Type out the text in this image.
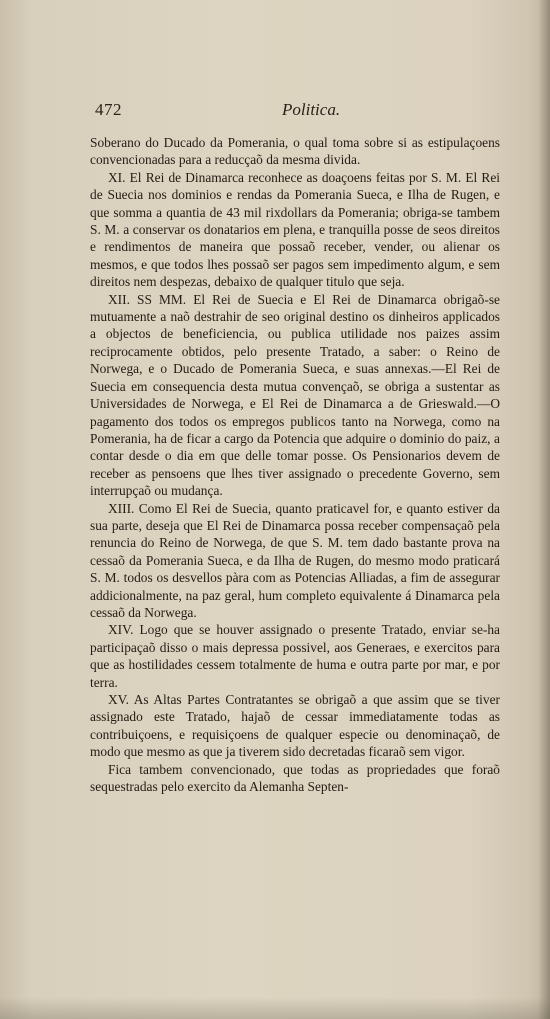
472	Politica.

Soberano do Ducado da Pomerania, o qual toma sobre si as estipulaçoens convencionadas para a reducçaõ da mesma divida.

XI. El Rei de Dinamarca reconhece as doaçoens feitas por S. M. El Rei de Suecia nos dominios e rendas da Pomerania Sueca, e Ilha de Rugen, e que somma a quantia de 43 mil rixdollars da Pomerania; obriga-se tambem S. M. a conservar os donatarios em plena, e tranquilla posse de seos direitos e rendimentos de maneira que possaõ receber, vender, ou alienar os mesmos, e que todos lhes possaõ ser pagos sem impedimento algum, e sem direitos nem despezas, debaixo de qualquer titulo que seja.

XII. SS MM. El Rei de Suecia e El Rei de Dinamarca obrigaõ-se mutuamente a naõ destrahir de seo original destino os dinheiros applicados a objectos de beneficiencia, ou publica utilidade nos paizes assim reciprocamente obtidos, pelo presente Tratado, a saber: o Reino de Norwega, e o Ducado de Pomerania Sueca, e suas annexas.—El Rei de Suecia em consequencia desta mutua convençaõ, se obriga a sustentar as Universidades de Norwega, e El Rei de Dinamarca a de Grieswald.—O pagamento dos todos os empregos publicos tanto na Norwega, como na Pomerania, ha de ficar a cargo da Potencia que adquire o dominio do paiz, a contar desde o dia em que delle tomar posse. Os Pensionarios devem de receber as pensoens que lhes tiver assignado o precedente Governo, sem interrupçaõ ou mudança.

XIII. Como El Rei de Suecia, quanto praticavel for, e quanto estiver da sua parte, deseja que El Rei de Dinamarca possa receber compensaçaõ pela renuncia do Reino de Norwega, de que S. M. tem dado bastante prova na cessaõ da Pomerania Sueca, e da Ilha de Rugen, do mesmo modo praticará S. M. todos os desvellos pàra com as Potencias Alliadas, a fim de assegurar addicionalmente, na paz geral, hum completo equivalente á Dinamarca pela cessaõ da Norwega.

XIV. Logo que se houver assignado o presente Tratado, enviar se-ha participaçaõ disso o mais depressa possivel, aos Generaes, e exercitos para que as hostilidades cessem totalmente de huma e outra parte por mar, e por terra.

XV. As Altas Partes Contratantes se obrigaõ a que assim que se tiver assignado este Tratado, hajaõ de cessar immediatamente todas as contribuiçoens, e requisiçoens de qualquer especie ou denominaçaõ, de modo que mesmo as que ja tiverem sido decretadas ficaraõ sem vigor.

Fica tambem convencionado, que todas as propriedades que foraõ sequestradas pelo exercito da Alemanha Septen-
